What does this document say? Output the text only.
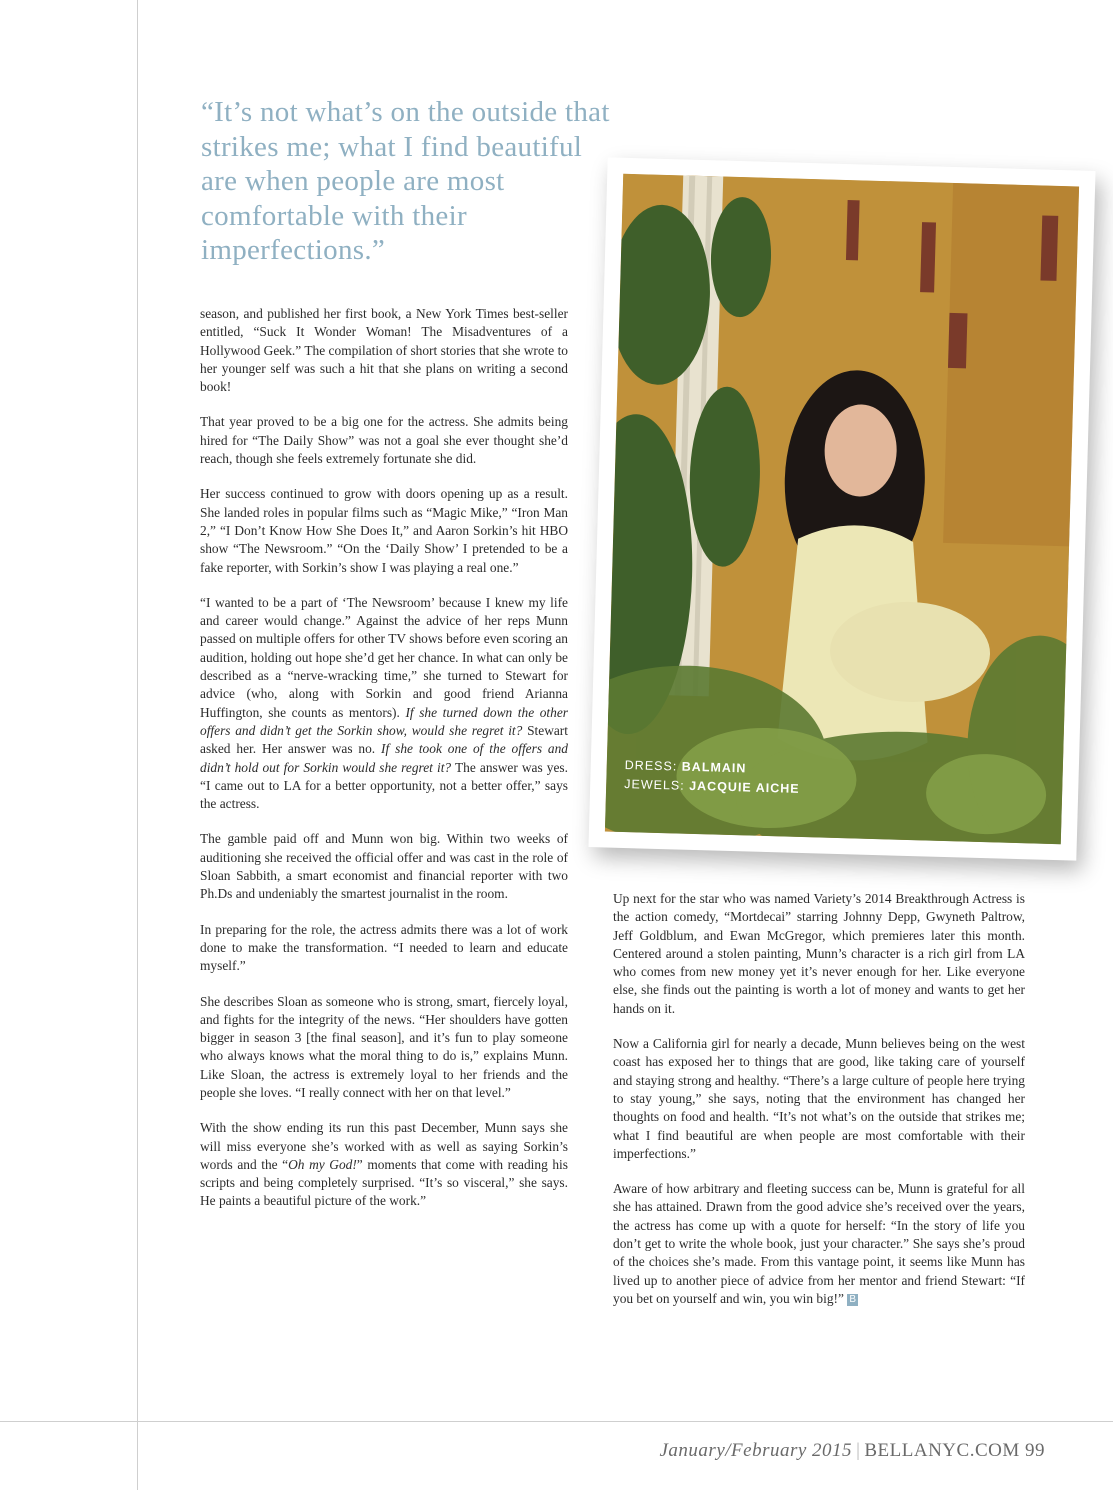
“It’s not what’s on the outside that strikes me; what I find beautiful are when people are most comfortable with their imperfections.”

season, and published her first book, a New York Times best-seller entitled, “Suck It Wonder Woman! The Misadventures of a Hollywood Geek.” The compilation of short stories that she wrote to her younger self was such a hit that she plans on writing a second book!

That year proved to be a big one for the actress. She admits being hired for “The Daily Show” was not a goal she ever thought she’d reach, though she feels extremely fortunate she did.

Her success continued to grow with doors opening up as a result. She landed roles in popular films such as “Magic Mike,” “Iron Man 2,” “I Don’t Know How She Does It,” and Aaron Sorkin’s hit HBO show “The Newsroom.” “On the ‘Daily Show’ I pretended to be a fake reporter, with Sorkin’s show I was playing a real one.”

“I wanted to be a part of ‘The Newsroom’ because I knew my life and career would change.” Against the advice of her reps Munn passed on multiple offers for other TV shows before even scoring an audition, holding out hope she’d get her chance. In what can only be described as a “nerve-wracking time,” she turned to Stewart for advice (who, along with Sorkin and good friend Arianna Huffington, she counts as mentors). If she turned down the other offers and didn’t get the Sorkin show, would she regret it? Stewart asked her. Her answer was no. If she took one of the offers and didn’t hold out for Sorkin would she regret it? The answer was yes. “I came out to LA for a better opportunity, not a better offer,” says the actress.

The gamble paid off and Munn won big. Within two weeks of auditioning she received the official offer and was cast in the role of Sloan Sabbith, a smart economist and financial reporter with two Ph.Ds and undeniably the smartest journalist in the room.

In preparing for the role, the actress admits there was a lot of work done to make the transformation. “I needed to learn and educate myself.”

She describes Sloan as someone who is strong, smart, fiercely loyal, and fights for the integrity of the news. “Her shoulders have gotten bigger in season 3 [the final season], and it’s fun to play someone who always knows what the moral thing to do is,” explains Munn. Like Sloan, the actress is extremely loyal to her friends and the people she loves. “I really connect with her on that level.”

With the show ending its run this past December, Munn says she will miss everyone she’s worked with as well as saying Sorkin’s words and the “Oh my God!” moments that come with reading his scripts and being completely surprised. “It’s so visceral,” she says. He paints a beautiful picture of the work.”

DRESS: BALMAIN
JEWELS: JACQUIE AICHE

Up next for the star who was named Variety’s 2014 Breakthrough Actress is the action comedy, “Mortdecai” starring Johnny Depp, Gwyneth Paltrow, Jeff Goldblum, and Ewan McGregor, which premieres later this month. Centered around a stolen painting, Munn’s character is a rich girl from LA who comes from new money yet it’s never enough for her. Like everyone else, she finds out the painting is worth a lot of money and wants to get her hands on it.

Now a California girl for nearly a decade, Munn believes being on the west coast has exposed her to things that are good, like taking care of yourself and staying strong and healthy. “There’s a large culture of people here trying to stay young,” she says, noting that the environment has changed her thoughts on food and health. “It’s not what’s on the outside that strikes me; what I find beautiful are when people are most comfortable with their imperfections.”

Aware of how arbitrary and fleeting success can be, Munn is grateful for all she has attained. Drawn from the good advice she’s received over the years, the actress has come up with a quote for herself: “In the story of life you don’t get to write the whole book, just your character.” She says she’s proud of the choices she’s made. From this vantage point, it seems like Munn has lived up to another piece of advice from her mentor and friend Stewart: “If you bet on yourself and win, you win big!” B

January/February 2015 | BELLANYC.COM 99
